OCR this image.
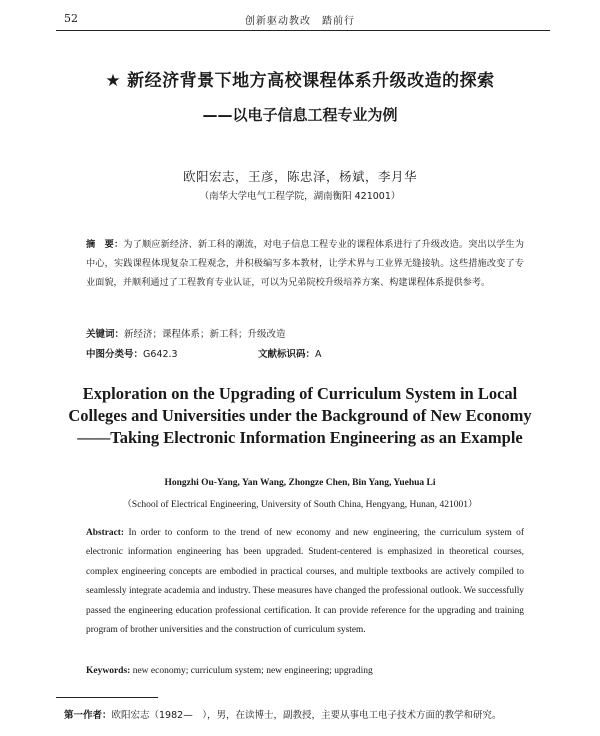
52	创新驱动教改　踏前行
★ 新经济背景下地方高校课程体系升级改造的探索
——以电子信息工程专业为例
欧阳宏志，王彦，陈忠泽，杨斌，李月华
（南华大学电气工程学院，湖南衡阳 421001）
摘　要：为了顺应新经济、新工科的潮流，对电子信息工程专业的课程体系进行了升级改造。突出以学生为中心，实践课程体现复杂工程观念，并积极编写多本教材，让学术界与工业界无缝接轨。这些措施改变了专业面貌，并顺利通过了工程教育专业认证，可以为兄弟院校升级培养方案、构建课程体系提供参考。
关键词：新经济；课程体系；新工科；升级改造
中图分类号：G642.3	文献标识码：A
Exploration on the Upgrading of Curriculum System in Local
Colleges and Universities under the Background of New Economy
——Taking Electronic Information Engineering as an Example
Hongzhi Ou-Yang, Yan Wang, Zhongze Chen, Bin Yang, Yuehua Li
（School of Electrical Engineering, University of South China, Hengyang, Hunan, 421001）
Abstract: In order to conform to the trend of new economy and new engineering, the curriculum system of electronic information engineering has been upgraded. Student-centered is emphasized in theoretical courses, complex engineering concepts are embodied in practical courses, and multiple textbooks are actively compiled to seamlessly integrate academia and industry. These measures have changed the professional outlook. We successfully passed the engineering education professional certification. It can provide reference for the upgrading and training program of brother universities and the construction of curriculum system.
Keywords: new economy; curriculum system; new engineering; upgrading
第一作者：欧阳宏志（1982—　），男，在读博士，副教授，主要从事电工电子技术方面的教学和研究。
